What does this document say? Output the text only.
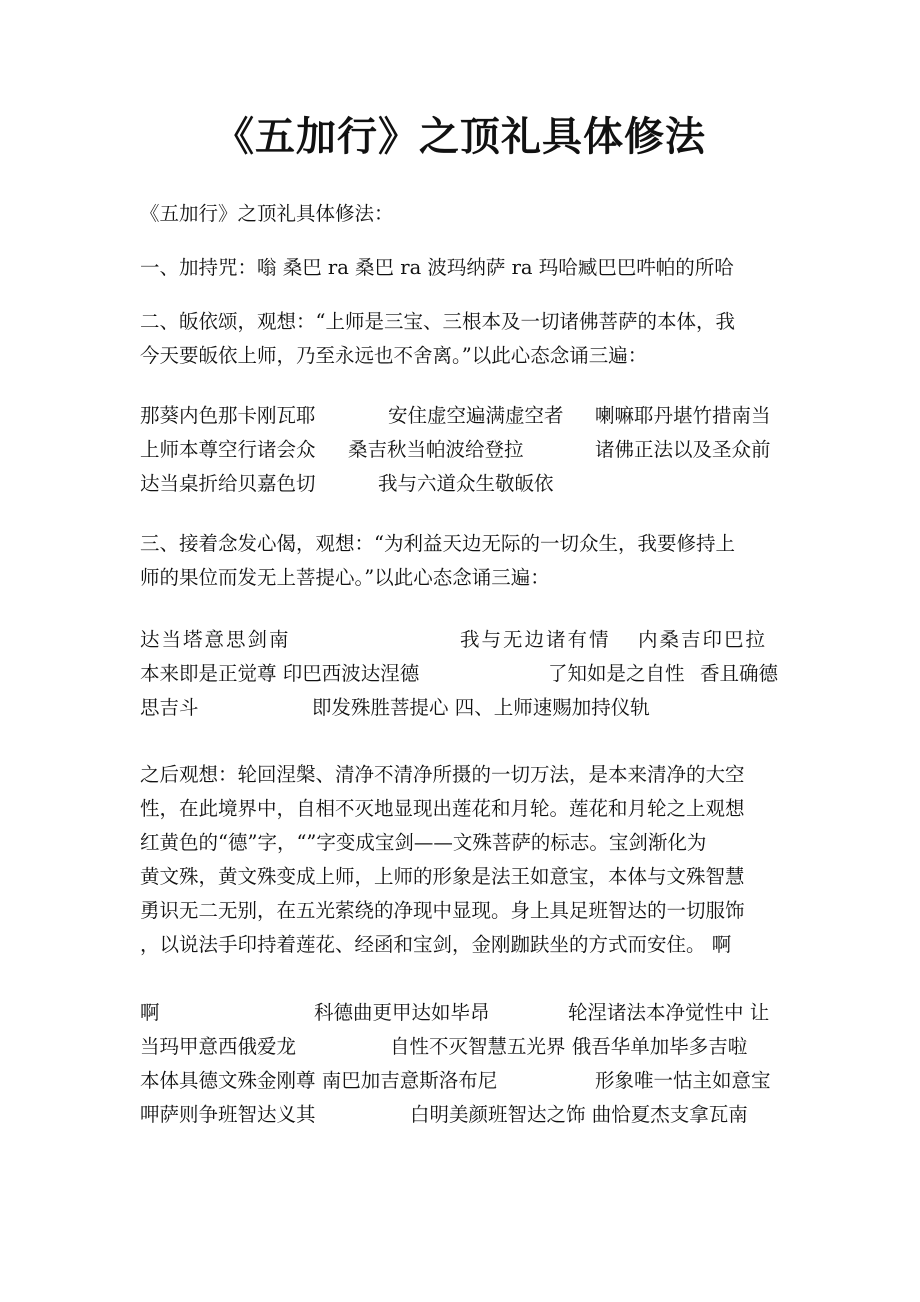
《五加行》之顶礼具体修法
《五加行》之顶礼具体修法：
一、加持咒：嗡 桑巴 ra 桑巴 ra 波玛纳萨 ra 玛哈臧巴巴吽帕的所哈
二、皈依颂，观想：“上师是三宝、三根本及一切诸佛菩萨的本体，我
今天要皈依上师，乃至永远也不舍离。”以此心态念诵三遍：
那葵内色那卡刚瓦耶	安住虚空遍满虚空者 喇嘛耶丹堪竹措南当
上师本尊空行诸会众 桑吉秋当帕波给登拉	诸佛正法以及圣众前
达当桌折给贝嘉色切	我与六道众生敬皈依
三、接着念发心偈，观想：“为利益天边无际的一切众生，我要修持上
师的果位而发无上菩提心。”以此心态念诵三遍：
达当塔意思剑南	我与无边诸有情 内桑吉印巴拉
本来即是正觉尊 印巴西波达涅德	了知如是之自性 香且确德
思吉斗	即发殊胜菩提心 四、上师速赐加持仪轨
之后观想：轮回涅槃、清净不清净所摄的一切万法，是本来清净的大空
性，在此境界中，自相不灭地显现出莲花和月轮。莲花和月轮之上观想
红黄色的“德”字，“”字变成宝剑——文殊菩萨的标志。宝剑渐化为
黄文殊，黄文殊变成上师，上师的形象是法王如意宝，本体与文殊智慧
勇识无二无别，在五光萦绕的净现中显现。身上具足班智达的一切服饰
，以说法手印持着莲花、经函和宝剑，金刚跏趺坐的方式而安住。 啊
啊	科德曲更甲达如毕昂	轮涅诸法本净觉性中 让
当玛甲意西俄爱龙	自性不灭智慧五光界 俄吾华单加毕多吉啦
本体具德文殊金刚尊 南巴加吉意斯洛布尼	形象唯一怙主如意宝
呷萨则争班智达义其	白明美颜班智达之饰 曲恰夏杰支拿瓦南
